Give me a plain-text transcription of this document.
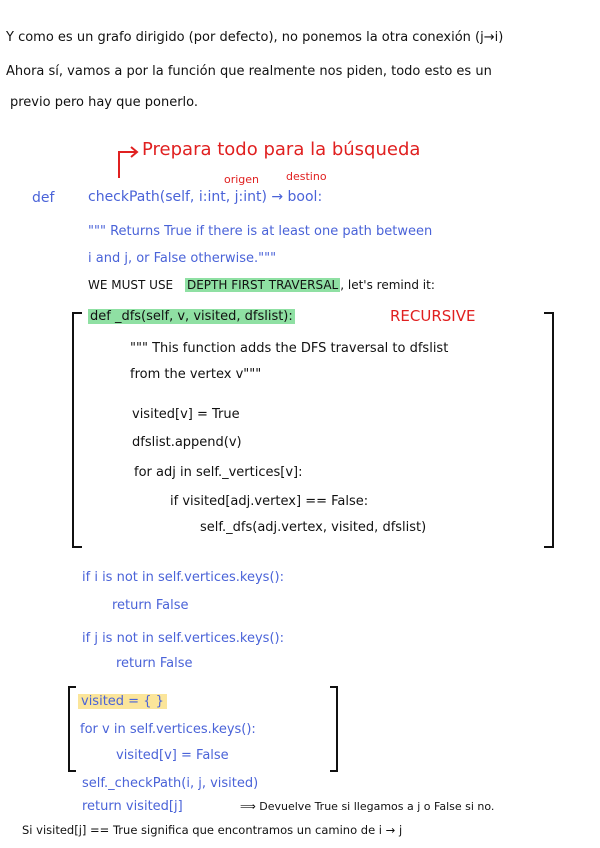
Y como es un grafo dirigido (por defecto), no ponemos la otra conexión (j→i)
Ahora sí, vamos a por la función que realmente nos piden, todo esto es un
previo pero hay que ponerlo.
Prepara todo para la búsqueda
origen destino
def checkPath(self, i:int, j:int) → bool:
""" Returns True if there is at least one path between
i and j, or False otherwise."""
WE MUST USE DEPTH FIRST TRAVERSAL , let's remind it:
def _dfs(self, v, visited, dfslist):	RECURSIVE
""" This function adds the DFS traversal to dfslist
from the vertex v"""
visited[v] = True
dfslist.append(v)
for adj in self._vertices[v]:
if visited[adj.vertex] == False:
self._dfs(adj.vertex, visited, dfslist)
if i is not in self.vertices.keys():
return False
if j is not in self.vertices.keys():
return False
visited = { }
for v in self.vertices.keys():
visited[v] = False
self._checkPath(i, j, visited)
return visited[j]	⟹ Devuelve True si llegamos a j o False si no.
Si visited[j] == True significa que encontramos un camino de i → j
